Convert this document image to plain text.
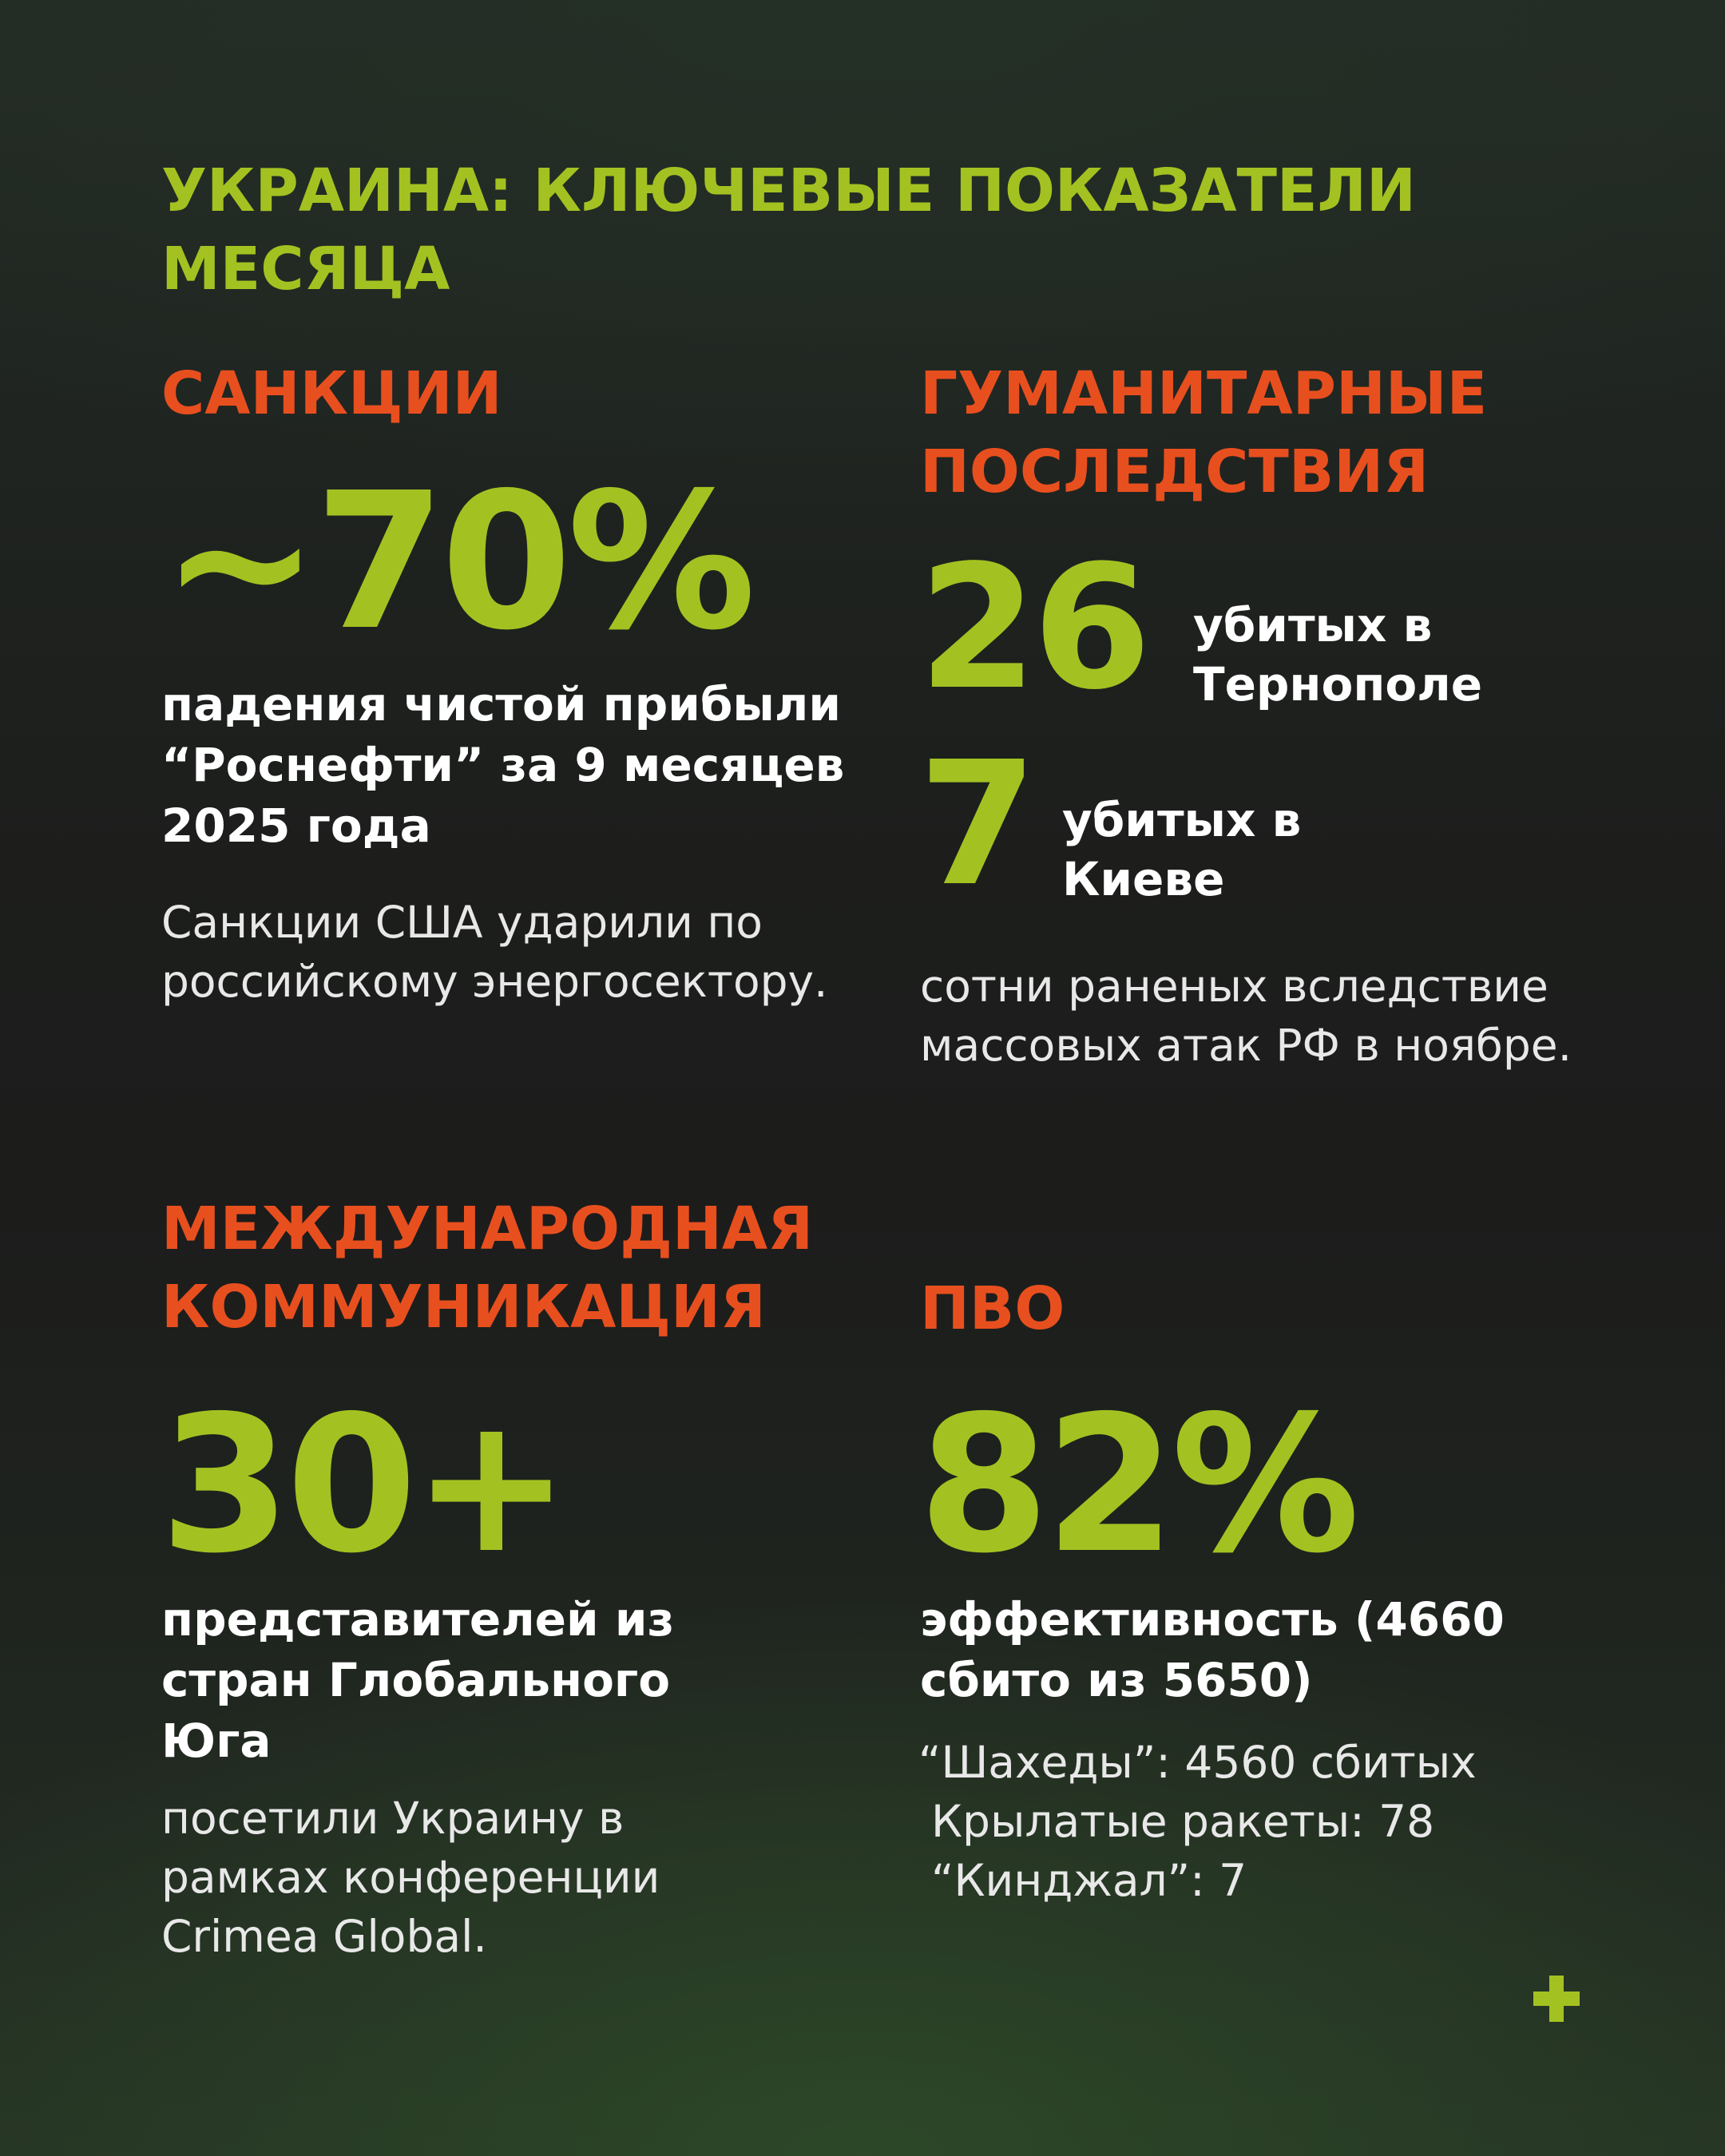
УКРАИНА: КЛЮЧЕВЫЕ ПОКАЗАТЕЛИ МЕСЯЦА
САНКЦИИ
~70%

падения чистой прибыли “Роснефти” за 9 месяцев 2025 года

Санкции США ударили по российскому энергосектору.

ГУМАНИТАРНЫЕ ПОСЛЕДСТВИЯ
26	убитых в Тернополе

7 убитых в Киеве

сотни раненых вследствие массовых атак РФ в ноябре.

МЕЖДУНАРОДНАЯ КОММУНИКАЦИЯ
30+

представителей из стран Глобального Юга

посетили Украину в рамках конференции Crimea Global.

ПВО
82%

эффективность (4660 сбито из 5650)

“Шахеды”: 4560 сбитых
Крылатые ракеты: 78
“Кинджал”: 7
